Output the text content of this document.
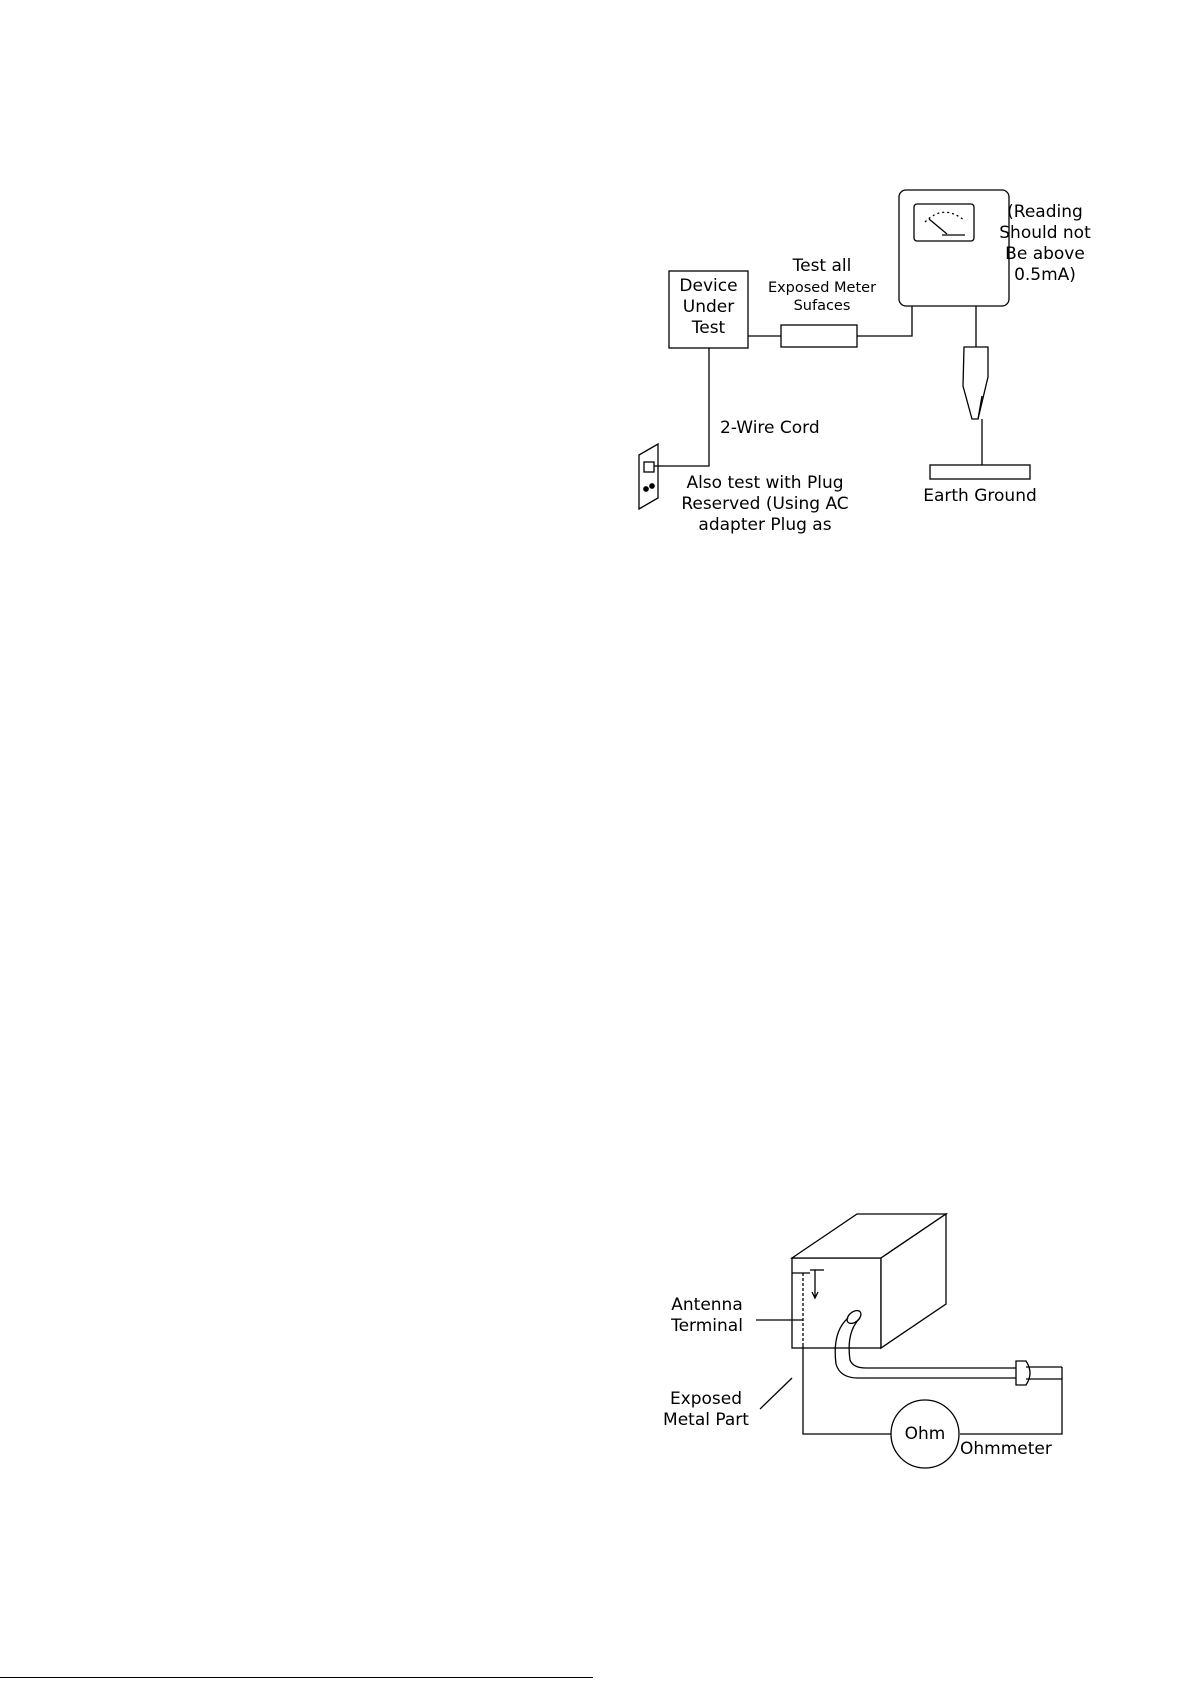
Device
Under
Test
Test all
Exposed Meter
Sufaces
(Reading
Should not
Be above
0.5mA)
2-Wire Cord
Also test with Plug
Reserved (Using AC
adapter Plug as
Earth Ground
Antenna
Terminal
Exposed
Metal Part
Ohm
Ohmmeter
